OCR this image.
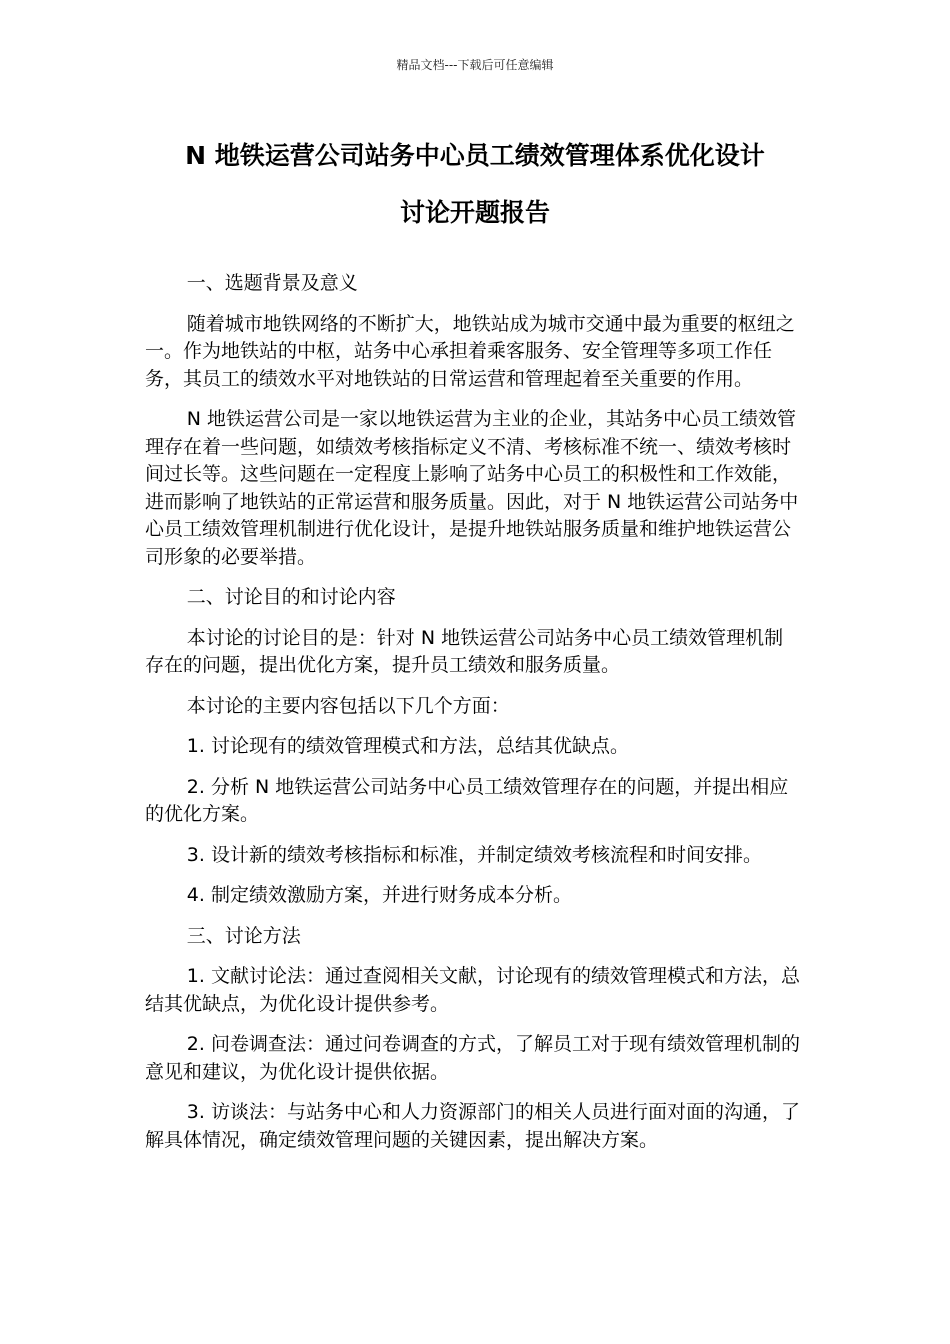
精品文档---下载后可任意编辑
N 地铁运营公司站务中心员工绩效管理体系优化设计
讨论开题报告

一、选题背景及意义

随着城市地铁网络的不断扩大，地铁站成为城市交通中最为重要的枢纽之一。作为地铁站的中枢，站务中心承担着乘客服务、安全管理等多项工作任务，其员工的绩效水平对地铁站的日常运营和管理起着至关重要的作用。

N 地铁运营公司是一家以地铁运营为主业的企业，其站务中心员工绩效管理存在着一些问题，如绩效考核指标定义不清、考核标准不统一、绩效考核时间过长等。这些问题在一定程度上影响了站务中心员工的积极性和工作效能，进而影响了地铁站的正常运营和服务质量。因此，对于 N 地铁运营公司站务中心员工绩效管理机制进行优化设计，是提升地铁站服务质量和维护地铁运营公司形象的必要举措。

二、讨论目的和讨论内容

本讨论的讨论目的是：针对 N 地铁运营公司站务中心员工绩效管理机制存在的问题，提出优化方案，提升员工绩效和服务质量。

本讨论的主要内容包括以下几个方面：

1. 讨论现有的绩效管理模式和方法，总结其优缺点。

2. 分析 N 地铁运营公司站务中心员工绩效管理存在的问题，并提出相应的优化方案。

3. 设计新的绩效考核指标和标准，并制定绩效考核流程和时间安排。

4. 制定绩效激励方案，并进行财务成本分析。

三、讨论方法

1. 文献讨论法：通过查阅相关文献，讨论现有的绩效管理模式和方法，总结其优缺点，为优化设计提供参考。

2. 问卷调查法：通过问卷调查的方式，了解员工对于现有绩效管理机制的意见和建议，为优化设计提供依据。

3. 访谈法：与站务中心和人力资源部门的相关人员进行面对面的沟通，了解具体情况，确定绩效管理问题的关键因素，提出解决方案。
